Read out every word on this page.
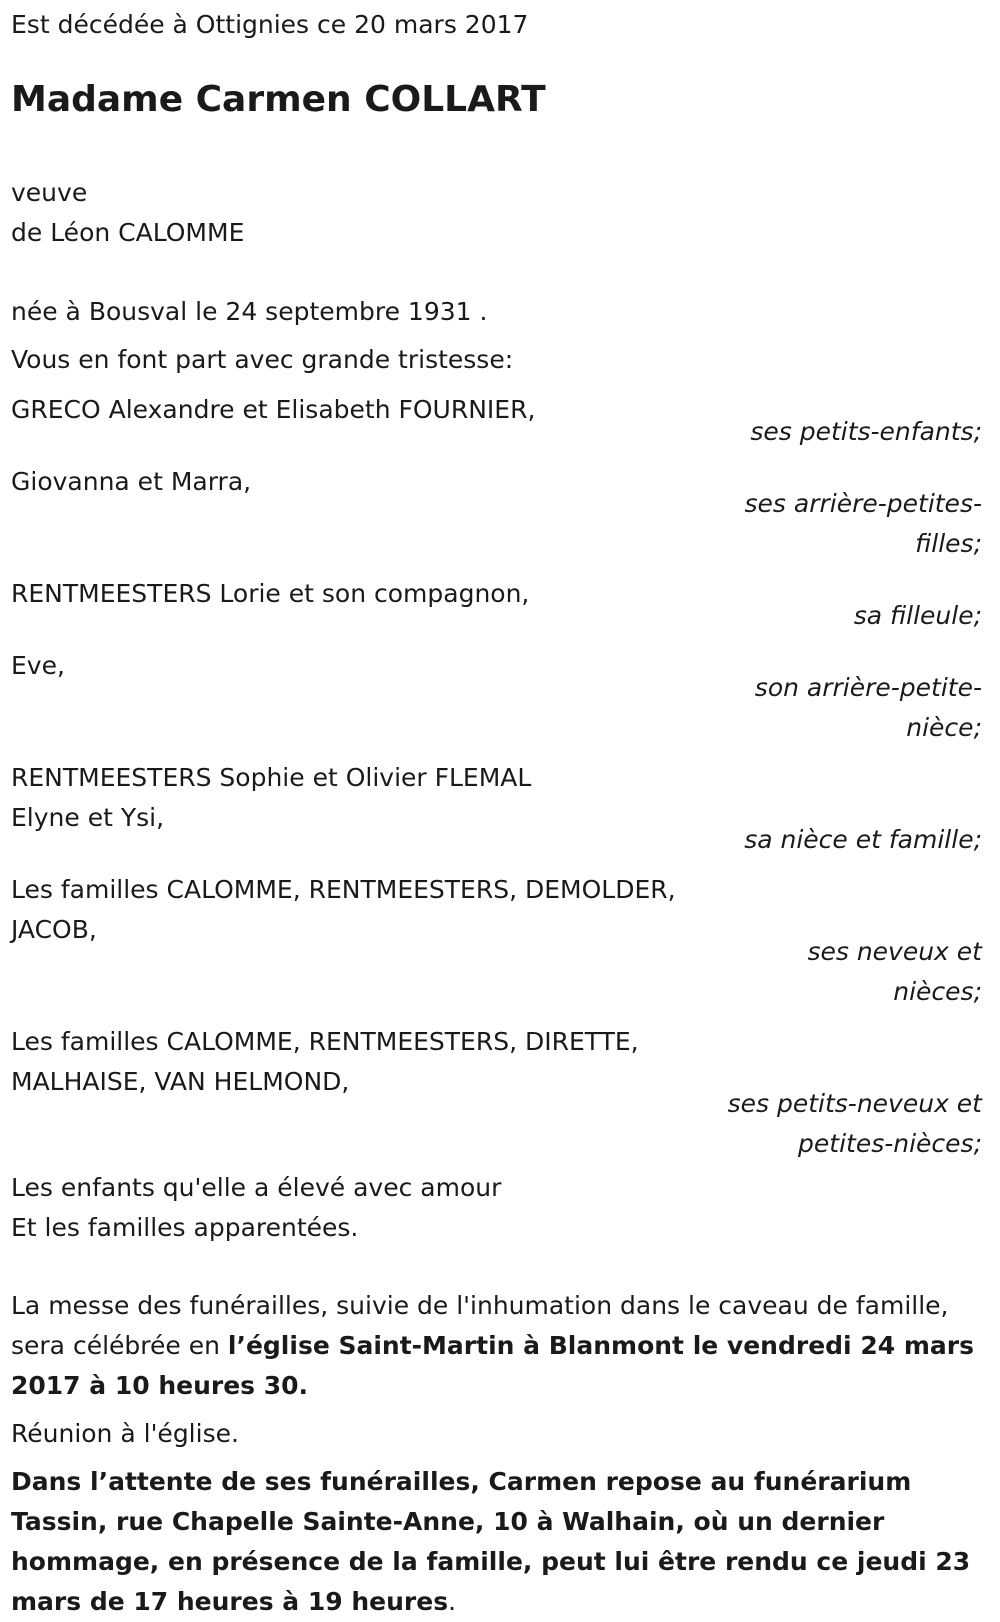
Est décédée à Ottignies ce 20 mars 2017

Madame Carmen COLLART

veuve

de Léon CALOMME

née à Bousval le 24 septembre 1931 .

Vous en font part avec grande tristesse:

GRECO Alexandre et Elisabeth FOURNIER,

ses petits-enfants;

Giovanna et Marra,

ses arrière-petites-filles;

RENTMEESTERS Lorie et son compagnon,

sa filleule;

Eve,

son arrière-petite-nièce;

RENTMEESTERS Sophie et Olivier FLEMAL

Elyne et Ysi,

sa nièce et famille;

Les familles CALOMME, RENTMEESTERS, DEMOLDER, JACOB,

ses neveux et nièces;

Les familles CALOMME, RENTMEESTERS, DIRETTE, MALHAISE, VAN HELMOND,

ses petits-neveux et petites-nièces;

Les enfants qu'elle a élevé avec amour

Et les familles apparentées.

La messe des funérailles, suivie de l'inhumation dans le caveau de famille, sera célébrée en l’église Saint-Martin à Blanmont le vendredi 24 mars 2017 à 10 heures 30.

Réunion à l'église.

Dans l’attente de ses funérailles, Carmen repose au funérarium Tassin, rue Chapelle Sainte-Anne, 10 à Walhain, où un dernier hommage, en présence de la famille, peut lui être rendu ce jeudi 23 mars de 17 heures à 19 heures.
